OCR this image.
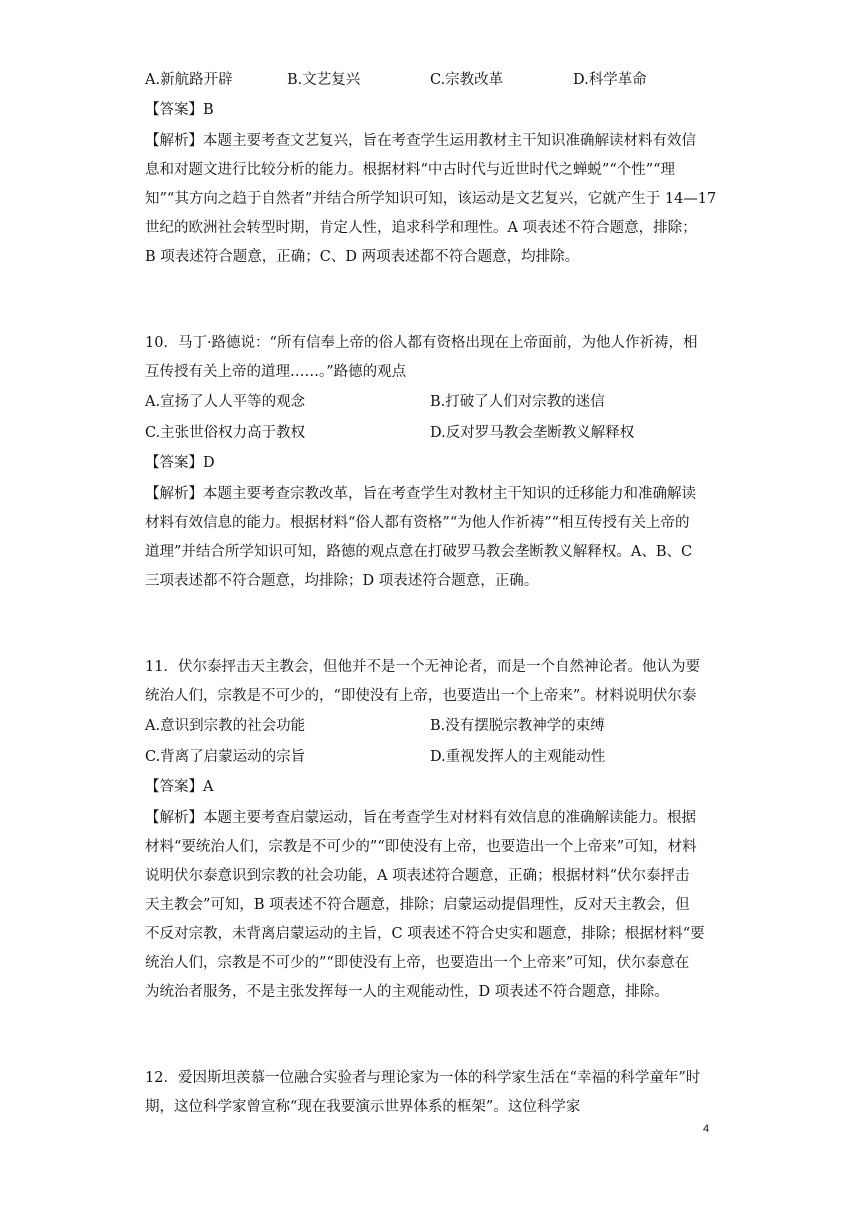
A.新航路开辟	B.文艺复兴	C.宗教改革	D.科学革命
【答案】B
【解析】本题主要考查文艺复兴，旨在考查学生运用教材主干知识准确解读材料有效信
息和对题文进行比较分析的能力。根据材料“中古时代与近世时代之蝉蜕”“个性”“理
知”“其方向之趋于自然者”并结合所学知识可知，该运动是文艺复兴，它就产生于 14—17
世纪的欧洲社会转型时期，肯定人性，追求科学和理性。A 项表述不符合题意，排除；
B 项表述符合题意，正确；C、D 两项表述都不符合题意，均排除。
10．马丁·路德说：“所有信奉上帝的俗人都有资格出现在上帝面前，为他人作祈祷，相
互传授有关上帝的道理……。”路德的观点
A.宣扬了人人平等的观念	B.打破了人们对宗教的迷信
C.主张世俗权力高于教权	D.反对罗马教会垄断教义解释权
【答案】D
【解析】本题主要考查宗教改革，旨在考查学生对教材主干知识的迁移能力和准确解读
材料有效信息的能力。根据材料“俗人都有资格”“为他人作祈祷”“相互传授有关上帝的
道理”并结合所学知识可知，路德的观点意在打破罗马教会垄断教义解释权。A、B、C
三项表述都不符合题意，均排除；D 项表述符合题意，正确。
11．伏尔泰抨击天主教会，但他并不是一个无神论者，而是一个自然神论者。他认为要
统治人们，宗教是不可少的，“即使没有上帝，也要造出一个上帝来”。材料说明伏尔泰
A.意识到宗教的社会功能	B.没有摆脱宗教神学的束缚
C.背离了启蒙运动的宗旨	D.重视发挥人的主观能动性
【答案】A
【解析】本题主要考查启蒙运动，旨在考查学生对材料有效信息的准确解读能力。根据
材料“要统治人们，宗教是不可少的”“即使没有上帝，也要造出一个上帝来”可知，材料
说明伏尔泰意识到宗教的社会功能，A 项表述符合题意，正确；根据材料“伏尔泰抨击
天主教会”可知，B 项表述不符合题意，排除；启蒙运动提倡理性，反对天主教会，但
不反对宗教，未背离启蒙运动的主旨，C 项表述不符合史实和题意，排除；根据材料“要
统治人们，宗教是不可少的”“即使没有上帝，也要造出一个上帝来”可知，伏尔泰意在
为统治者服务，不是主张发挥每一人的主观能动性，D 项表述不符合题意，排除。
12．爱因斯坦羡慕一位融合实验者与理论家为一体的科学家生活在“幸福的科学童年”时
期，这位科学家曾宣称“现在我要演示世界体系的框架”。这位科学家
4
